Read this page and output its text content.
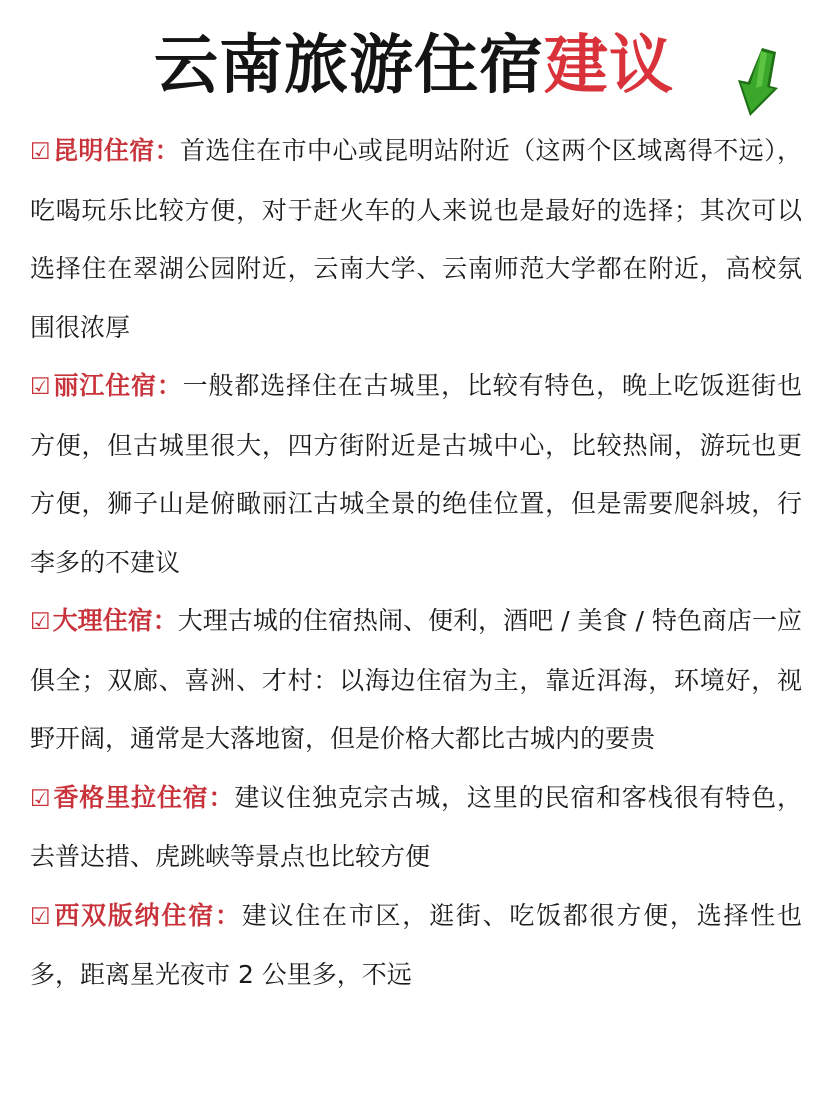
云南旅游住宿建议

☑昆明住宿：首选住在市中心或昆明站附近（这两个区域离得不远），吃喝玩乐比较方便，对于赶火车的人来说也是最好的选择；其次可以选择住在翠湖公园附近，云南大学、云南师范大学都在附近，高校氛围很浓厚

☑丽江住宿：一般都选择住在古城里，比较有特色，晚上吃饭逛街也方便，但古城里很大，四方街附近是古城中心，比较热闹，游玩也更方便，狮子山是俯瞰丽江古城全景的绝佳位置，但是需要爬斜坡，行李多的不建议

☑大理住宿：大理古城的住宿热闹、便利，酒吧 / 美食 / 特色商店一应俱全；双廊、喜洲、才村：以海边住宿为主，靠近洱海，环境好，视野开阔，通常是大落地窗，但是价格大都比古城内的要贵

☑香格里拉住宿：建议住独克宗古城，这里的民宿和客栈很有特色，去普达措、虎跳峡等景点也比较方便

☑西双版纳住宿：建议住在市区，逛街、吃饭都很方便，选择性也多，距离星光夜市 2 公里多，不远
